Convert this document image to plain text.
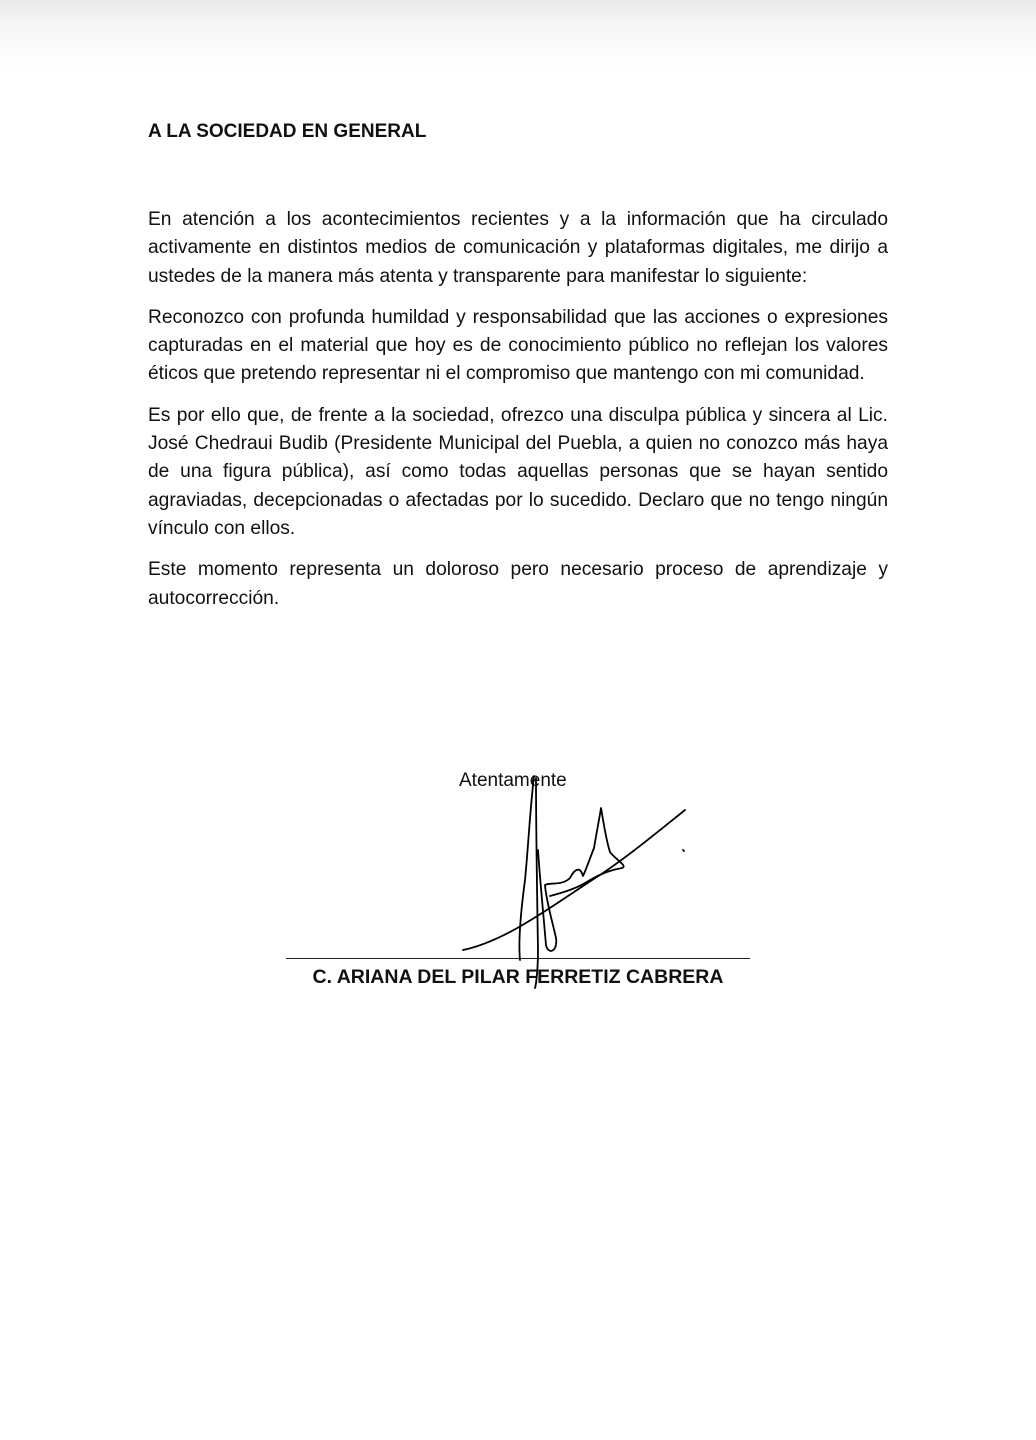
A LA SOCIEDAD EN GENERAL

En atención a los acontecimientos recientes y a la información que ha circulado activamente en distintos medios de comunicación y plataformas digitales, me dirijo a ustedes de la manera más atenta y transparente para manifestar lo siguiente:

Reconozco con profunda humildad y responsabilidad que las acciones o expresiones capturadas en el material que hoy es de conocimiento público no reflejan los valores éticos que pretendo representar ni el compromiso que mantengo con mi comunidad.

Es por ello que, de frente a la sociedad, ofrezco una disculpa pública y sincera al Lic. José Chedraui Budib (Presidente Municipal del Puebla, a quien no conozco más haya de una figura pública), así como todas aquellas personas que se hayan sentido agraviadas, decepcionadas o afectadas por lo sucedido. Declaro que no tengo ningún vínculo con ellos.

Este momento representa un doloroso pero necesario proceso de aprendizaje y autocorrección.

Atentamente
C. ARIANA DEL PILAR FERRETIZ CABRERA
